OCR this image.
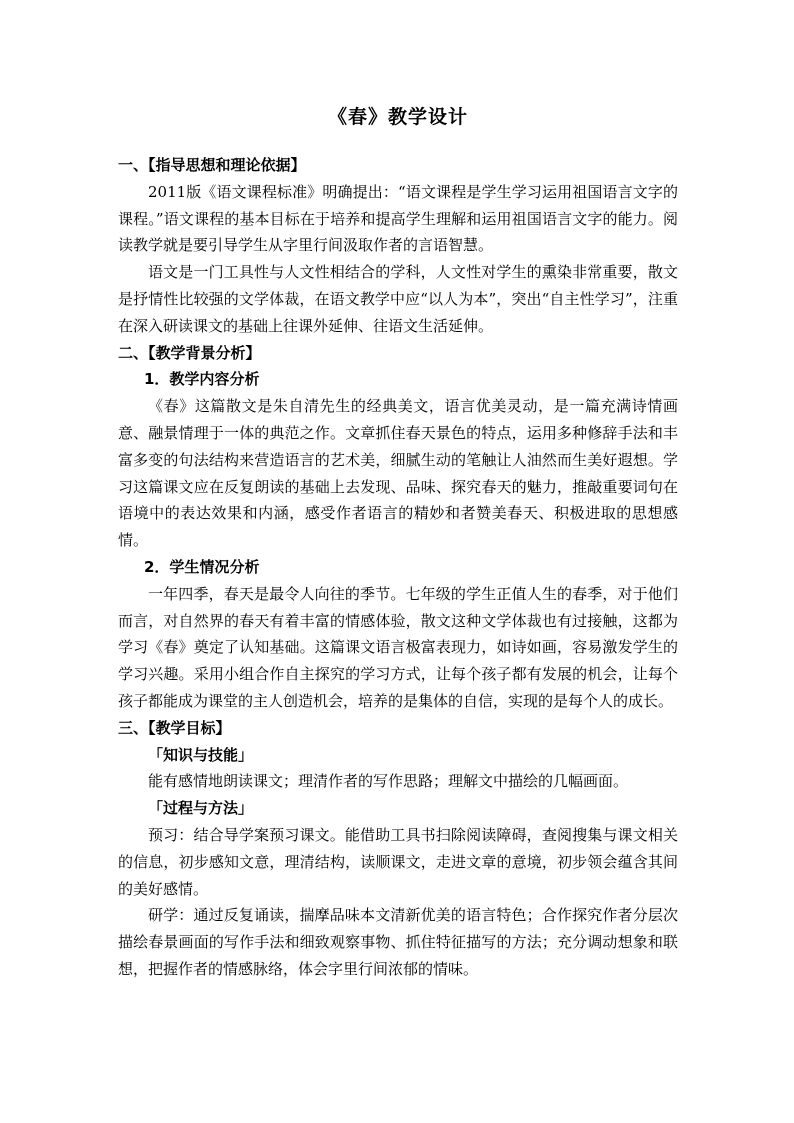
《春》教学设计
一、【指导思想和理论依据】

2011版《语文课程标准》明确提出：“语文课程是学生学习运用祖国语言文字的课程。”语文课程的基本目标在于培养和提高学生理解和运用祖国语言文字的能力。阅读教学就是要引导学生从字里行间汲取作者的言语智慧。

语文是一门工具性与人文性相结合的学科，人文性对学生的熏染非常重要，散文是抒情性比较强的文学体裁，在语文教学中应“以人为本”，突出“自主性学习”，注重在深入研读课文的基础上往课外延伸、往语文生活延伸。

二、【教学背景分析】
1．教学内容分析

《春》这篇散文是朱自清先生的经典美文，语言优美灵动，是一篇充满诗情画意、融景情理于一体的典范之作。文章抓住春天景色的特点，运用多种修辞手法和丰富多变的句法结构来营造语言的艺术美，细腻生动的笔触让人油然而生美好遐想。学习这篇课文应在反复朗读的基础上去发现、品味、探究春天的魅力，推敲重要词句在语境中的表达效果和内涵，感受作者语言的精妙和者赞美春天、积极进取的思想感情。

2．学生情况分析

一年四季，春天是最令人向往的季节。七年级的学生正值人生的春季，对于他们而言，对自然界的春天有着丰富的情感体验，散文这种文学体裁也有过接触，这都为学习《春》奠定了认知基础。这篇课文语言极富表现力，如诗如画，容易激发学生的学习兴趣。采用小组合作自主探究的学习方式，让每个孩子都有发展的机会，让每个孩子都能成为课堂的主人创造机会，培养的是集体的自信，实现的是每个人的成长。

三、【教学目标】
「知识与技能」

能有感情地朗读课文；理清作者的写作思路；理解文中描绘的几幅画面。

「过程与方法」

预习：结合导学案预习课文。能借助工具书扫除阅读障碍，查阅搜集与课文相关的信息，初步感知文意，理清结构，读顺课文，走进文章的意境，初步领会蕴含其间的美好感情。

研学：通过反复诵读，揣摩品味本文清新优美的语言特色；合作探究作者分层次描绘春景画面的写作手法和细致观察事物、抓住特征描写的方法；充分调动想象和联想，把握作者的情感脉络，体会字里行间浓郁的情味。
